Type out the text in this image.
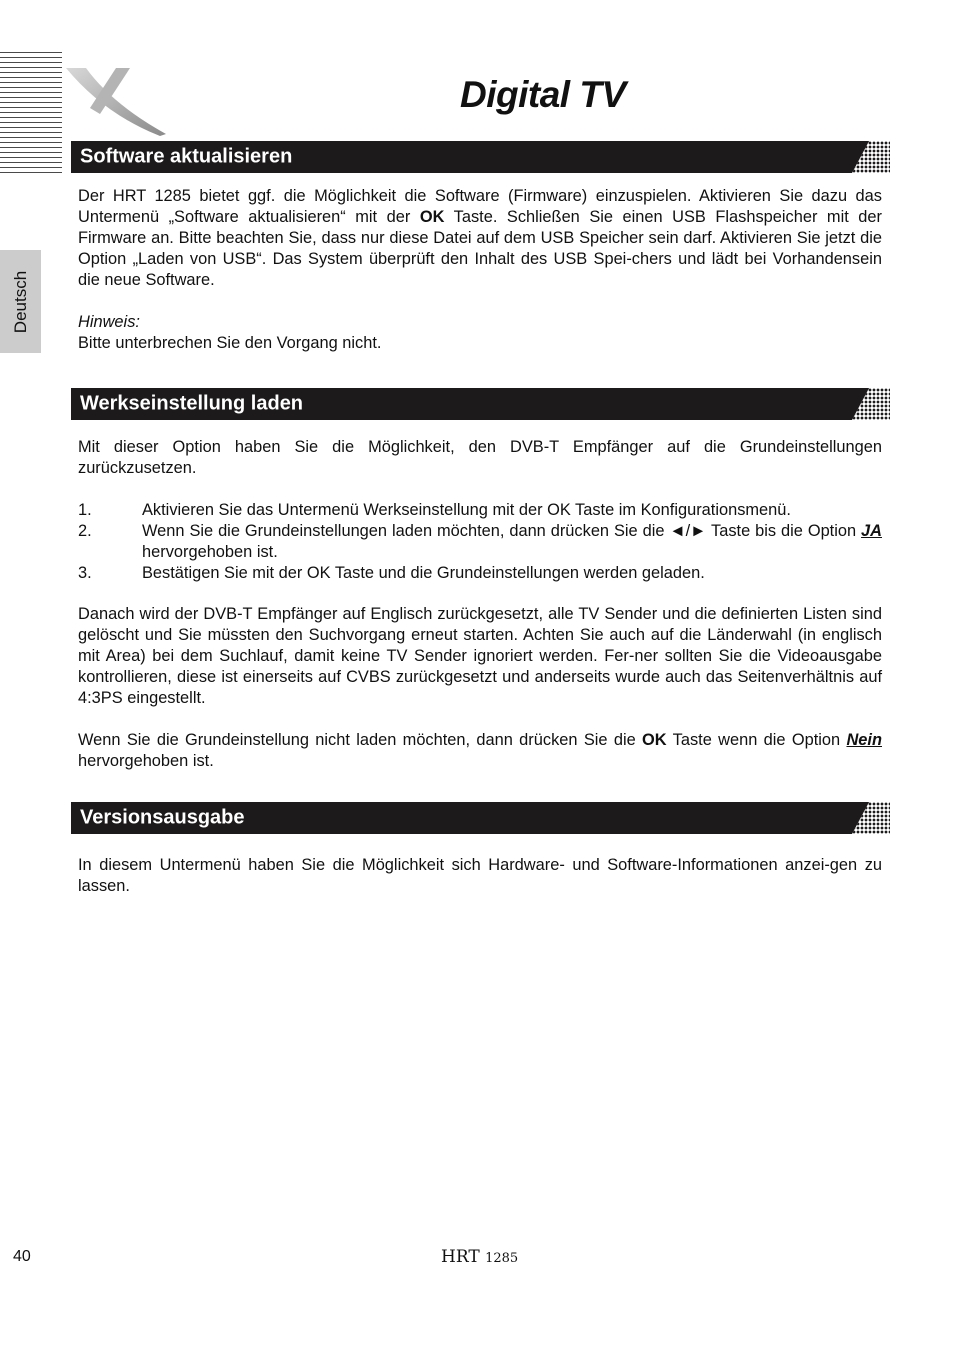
Digital TV
Deutsch
Software aktualisieren

Der HRT 1285 bietet ggf. die Möglichkeit die Software (Firmware) einzuspielen. Aktivieren Sie dazu das Untermenü „Software aktualisieren“ mit der OK Taste. Schließen Sie einen USB Flashspeicher mit der Firmware an. Bitte beachten Sie, dass nur diese Datei auf dem USB Speicher sein darf. Aktivieren Sie jetzt die Option „Laden von USB“. Das System überprüft den Inhalt des USB Spei-chers und lädt bei Vorhandensein die neue Software.

Hinweis:
Bitte unterbrechen Sie den Vorgang nicht.

Werkseinstellung laden

Mit dieser Option haben Sie die Möglichkeit, den DVB-T Empfänger auf die Grundeinstellungen zurückzusetzen.

1.	Aktivieren Sie das Untermenü Werkseinstellung mit der OK Taste im Konfigurationsmenü.
2.	Wenn Sie die Grundeinstellungen laden möchten, dann drücken Sie die ◄/► Taste bis die Option JA hervorgehoben ist.
3.	Bestätigen Sie mit der OK Taste und die Grundeinstellungen werden geladen.

Danach wird der DVB-T Empfänger auf Englisch zurückgesetzt, alle TV Sender und die definierten Listen sind gelöscht und Sie müssten den Suchvorgang erneut starten. Achten Sie auch auf die Länderwahl (in englisch mit Area) bei dem Suchlauf, damit keine TV Sender ignoriert werden. Fer-ner sollten Sie die Videoausgabe kontrollieren, diese ist einerseits auf CVBS zurückgesetzt und anderseits wurde auch das Seitenverhältnis auf 4:3PS eingestellt.

Wenn Sie die Grundeinstellung nicht laden möchten, dann drücken Sie die OK Taste wenn die Option Nein hervorgehoben ist.

Versionsausgabe

In diesem Untermenü haben Sie die Möglichkeit sich Hardware- und Software-Informationen anzei-gen zu lassen.

40	HRT 1285
